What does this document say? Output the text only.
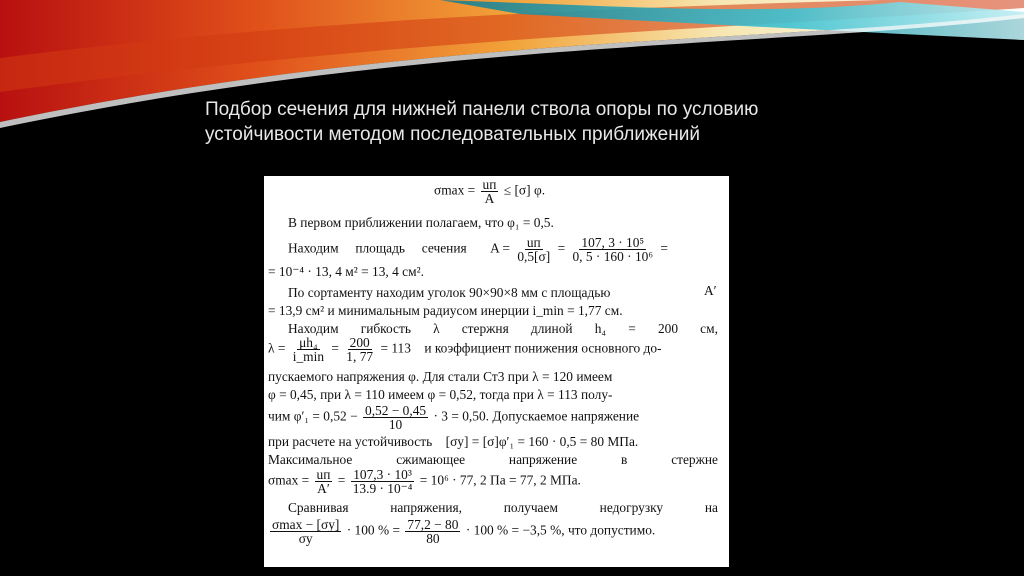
Подбор сечения для нижней панели ствола опоры по условию
устойчивости методом последовательных приближений
$\sigma\max = \frac{uп}{A} \le [\sigma]$ φ.
В первом приближении полагаем, что φ₁ = 0,5.
Находим площадь сечения $A = \frac{uп}{0,5[\sigma]} = \frac{\text{107, 3 · 10⁵}}{\text{0, 5 · 160 · 10⁶}}$ =
= 10⁻⁴ · 13, 4 м² = 13, 4 см².
По сортаменту находим уголок 90×90×8 мм с площадью	A′
= 13,9 см² и минимальным радиусом инерции i_min = 1,77 см.
Находим гибкость λ стержня длиной h₄ = 200 см,
$\lambda = \frac{\text{μh₄}}{i\_\min} = \frac{200}{1, 77} = 113$ и коэффициент понижения основного до-
пускаемого напряжения φ. Для стали Ст3 при λ = 120 имеем
φ = 0,45, при λ = 110 имеем φ = 0,52, тогда при λ = 113 полу-
чим $\varphi'_1 = 0,52 - \frac{0,52 - 0,45}{10} \cdot 3 = 0,50$. Допускаемое напряжение
при расчете на устойчивость [σу] = [σ]φ′₁ = 160 · 0,5 = 80 МПа.
Максимальное	сжимающее	напряжение	в	стержне
$\sigma\max = \frac{uп}{A'} = \frac{\text{107,3 · 10³}}{\text{13.9 · 10⁻⁴}} = 10^6 \cdot 77$, 2 Па = 77, 2 МПа.
Сравнивая	напряжения,	получаем	недогрузку	на
$\frac{\sigma\max - [\sigma у]}{\sigma у} \cdot 100$ % = $\frac{77,2 - 80}{80} \cdot 100$ % = −3,5 %, что допустимо.
